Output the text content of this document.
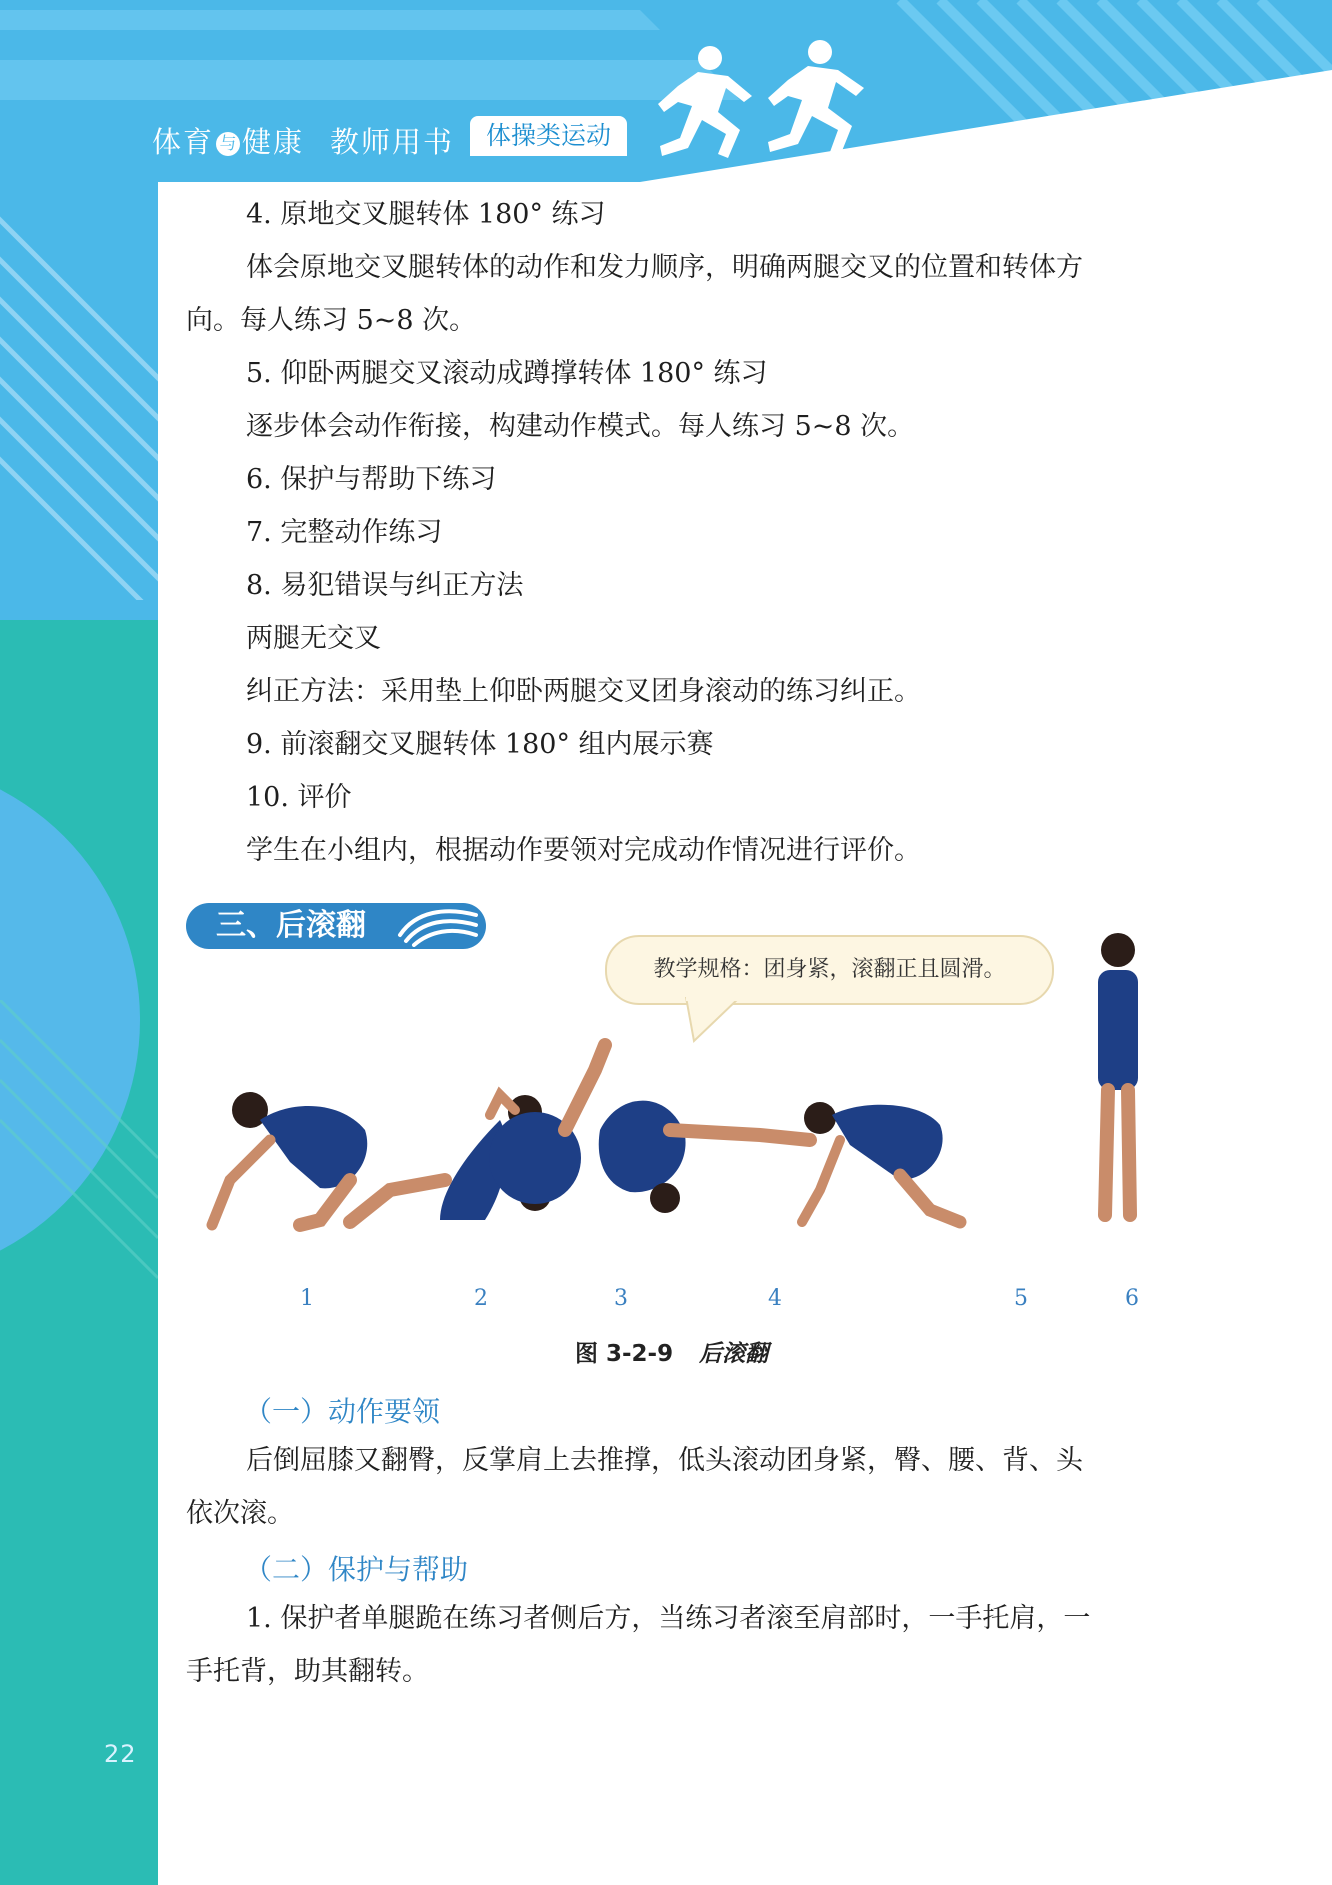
22
体育 与 健康 教师用书	体操类运动

4. 原地交叉腿转体 180° 练习

体会原地交叉腿转体的动作和发力顺序，明确两腿交叉的位置和转体方

向。每人练习 5~8 次。

5. 仰卧两腿交叉滚动成蹲撑转体 180° 练习

逐步体会动作衔接，构建动作模式。每人练习 5~8 次。

6. 保护与帮助下练习

7. 完整动作练习

8. 易犯错误与纠正方法

两腿无交叉

纠正方法：采用垫上仰卧两腿交叉团身滚动的练习纠正。

9. 前滚翻交叉腿转体 180° 组内展示赛

10. 评价

学生在小组内，根据动作要领对完成动作情况进行评价。

三、后滚翻
教学规格：团身紧，滚翻正且圆滑。
1	2	3	4	5	6
图 3-2-9 后滚翻
（一）动作要领

后倒屈膝又翻臀，反掌肩上去推撑，低头滚动团身紧，臀、腰、背、头

依次滚。

（二）保护与帮助

1. 保护者单腿跪在练习者侧后方，当练习者滚至肩部时，一手托肩，一

手托背，助其翻转。
